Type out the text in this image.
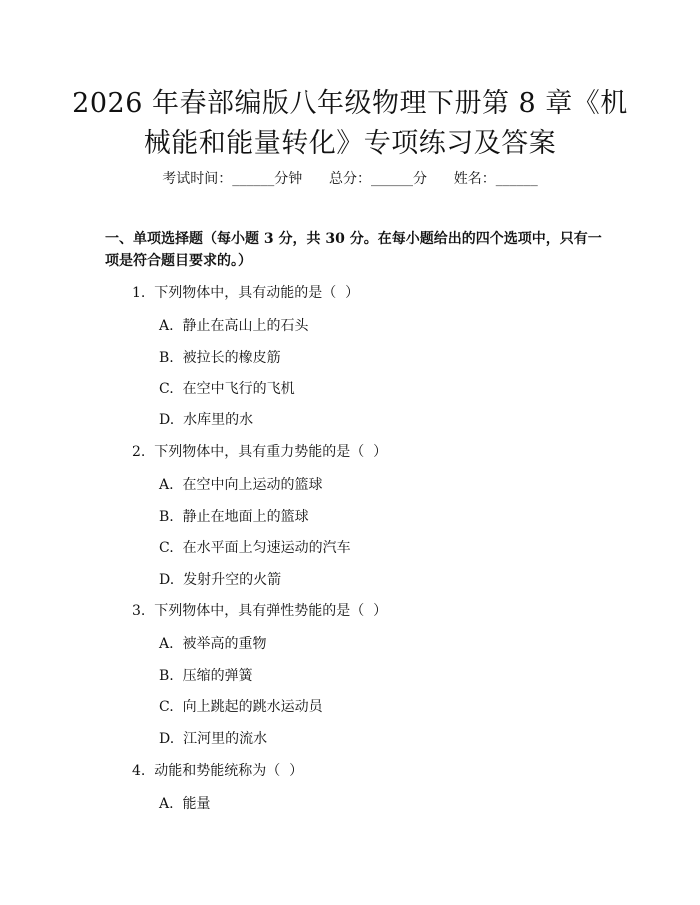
2026 年春部编版八年级物理下册第 8 章《机
械能和能量转化》专项练习及答案
考试时间：______分钟      总分：______分      姓名：______
一、单项选择题（每小题 3 分，共 30 分。在每小题给出的四个选项中，只有一项是符合题目要求的。）
1.  下列物体中，具有动能的是（  ）
A.  静止在高山上的石头
B.  被拉长的橡皮筋
C.  在空中飞行的飞机
D.  水库里的水
2.  下列物体中，具有重力势能的是（  ）
A.  在空中向上运动的篮球
B.  静止在地面上的篮球
C.  在水平面上匀速运动的汽车
D.  发射升空的火箭
3.  下列物体中，具有弹性势能的是（  ）
A.  被举高的重物
B.  压缩的弹簧
C.  向上跳起的跳水运动员
D.  江河里的流水
4.  动能和势能统称为（  ）
A.  能量
